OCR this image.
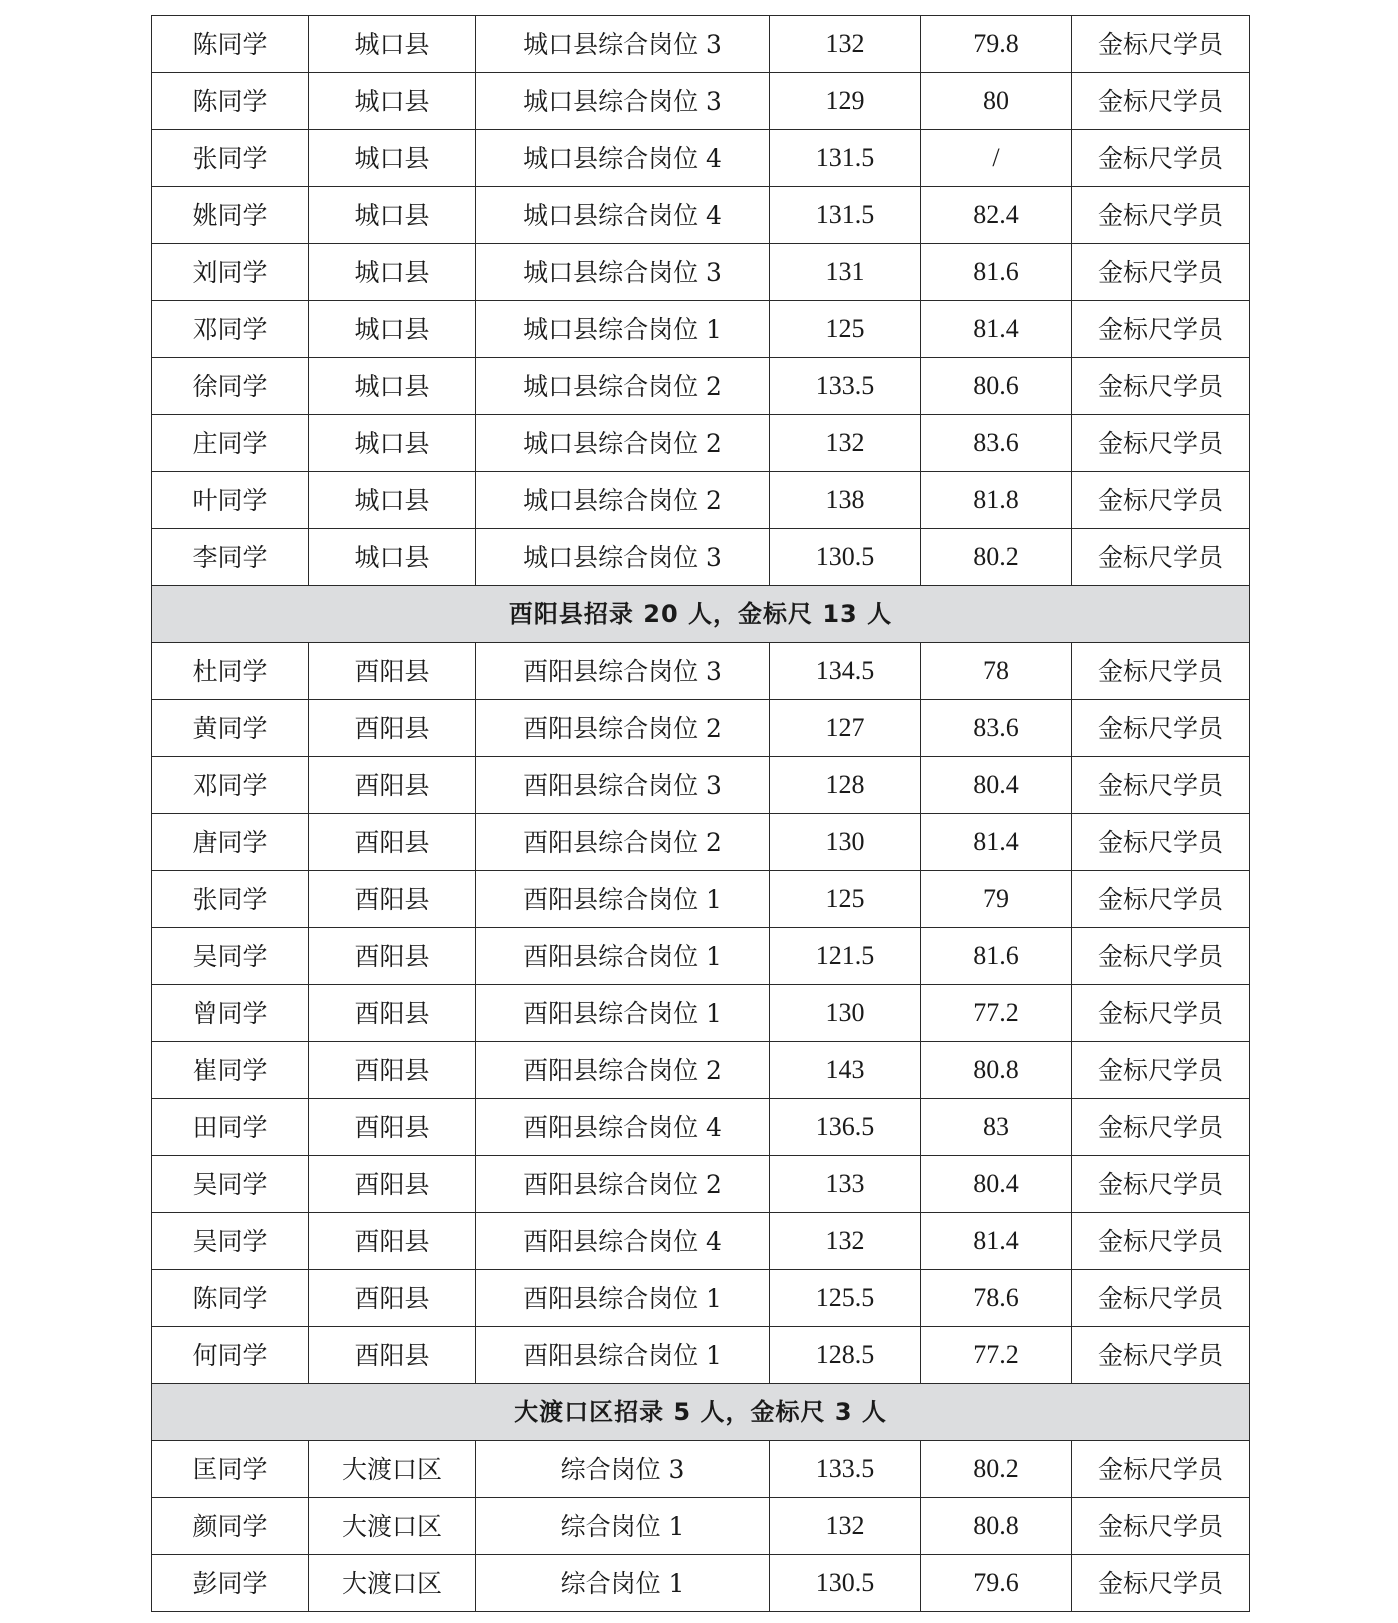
陈同学	城口县	城口县综合岗位 3	132	79.8	金标尺学员
陈同学	城口县	城口县综合岗位 3	129	80	金标尺学员
张同学	城口县	城口县综合岗位 4	131.5	/	金标尺学员
姚同学	城口县	城口县综合岗位 4	131.5	82.4	金标尺学员
刘同学	城口县	城口县综合岗位 3	131	81.6	金标尺学员
邓同学	城口县	城口县综合岗位 1	125	81.4	金标尺学员
徐同学	城口县	城口县综合岗位 2	133.5	80.6	金标尺学员
庄同学	城口县	城口县综合岗位 2	132	83.6	金标尺学员
叶同学	城口县	城口县综合岗位 2	138	81.8	金标尺学员
李同学	城口县	城口县综合岗位 3	130.5	80.2	金标尺学员
酉阳县招录 20 人，金标尺 13 人					
杜同学	酉阳县	酉阳县综合岗位 3	134.5	78	金标尺学员
黄同学	酉阳县	酉阳县综合岗位 2	127	83.6	金标尺学员
邓同学	酉阳县	酉阳县综合岗位 3	128	80.4	金标尺学员
唐同学	酉阳县	酉阳县综合岗位 2	130	81.4	金标尺学员
张同学	酉阳县	酉阳县综合岗位 1	125	79	金标尺学员
吴同学	酉阳县	酉阳县综合岗位 1	121.5	81.6	金标尺学员
曾同学	酉阳县	酉阳县综合岗位 1	130	77.2	金标尺学员
崔同学	酉阳县	酉阳县综合岗位 2	143	80.8	金标尺学员
田同学	酉阳县	酉阳县综合岗位 4	136.5	83	金标尺学员
吴同学	酉阳县	酉阳县综合岗位 2	133	80.4	金标尺学员
吴同学	酉阳县	酉阳县综合岗位 4	132	81.4	金标尺学员
陈同学	酉阳县	酉阳县综合岗位 1	125.5	78.6	金标尺学员
何同学	酉阳县	酉阳县综合岗位 1	128.5	77.2	金标尺学员
大渡口区招录 5 人，金标尺 3 人					
匡同学	大渡口区	综合岗位 3	133.5	80.2	金标尺学员
颜同学	大渡口区	综合岗位 1	132	80.8	金标尺学员
彭同学	大渡口区	综合岗位 1	130.5	79.6	金标尺学员
